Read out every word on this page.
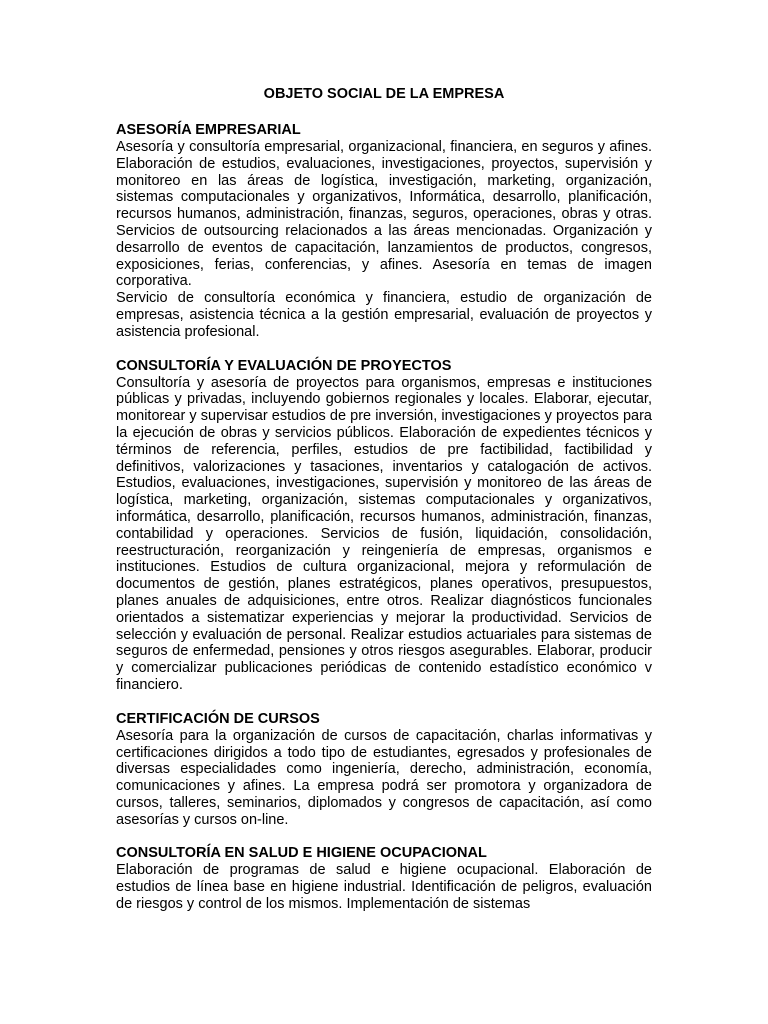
OBJETO SOCIAL DE LA EMPRESA
ASESORÍA EMPRESARIAL

Asesoría y consultoría empresarial, organizacional, financiera, en seguros y afines. Elaboración de estudios, evaluaciones, investigaciones, proyectos, supervisión y monitoreo en las áreas de logística, investigación, marketing, organización, sistemas computacionales y organizativos, Informática, desarrollo, planificación, recursos humanos, administración, finanzas, seguros, operaciones, obras y otras. Servicios de outsourcing relacionados a las áreas mencionadas. Organización y desarrollo de eventos de capacitación, lanzamientos de productos, congresos, exposiciones, ferias, conferencias, y afines. Asesoría en temas de imagen corporativa.

Servicio de consultoría económica y financiera, estudio de organización de empresas, asistencia técnica a la gestión empresarial, evaluación de proyectos y asistencia profesional.

CONSULTORÍA Y EVALUACIÓN DE PROYECTOS

Consultoría y asesoría de proyectos para organismos, empresas e instituciones públicas y privadas, incluyendo gobiernos regionales y locales. Elaborar, ejecutar, monitorear y supervisar estudios de pre inversión, investigaciones y proyectos para la ejecución de obras y servicios públicos. Elaboración de expedientes técnicos y términos de referencia, perfiles, estudios de pre factibilidad, factibilidad y definitivos, valorizaciones y tasaciones, inventarios y catalogación de activos. Estudios, evaluaciones, investigaciones, supervisión y monitoreo de las áreas de logística, marketing, organización, sistemas computacionales y organizativos, informática, desarrollo, planificación, recursos humanos, administración, finanzas, contabilidad y operaciones. Servicios de fusión, liquidación, consolidación, reestructuración, reorganización y reingeniería de empresas, organismos e instituciones. Estudios de cultura organizacional, mejora y reformulación de documentos de gestión, planes estratégicos, planes operativos, presupuestos, planes anuales de adquisiciones, entre otros. Realizar diagnósticos funcionales orientados a sistematizar experiencias y mejorar la productividad. Servicios de selección y evaluación de personal. Realizar estudios actuariales para sistemas de seguros de enfermedad, pensiones y otros riesgos asegurables. Elaborar, producir y comercializar publicaciones periódicas de contenido estadístico económico v financiero.

CERTIFICACIÓN DE CURSOS

Asesoría para la organización de cursos de capacitación, charlas informativas y certificaciones dirigidos a todo tipo de estudiantes, egresados y profesionales de diversas especialidades como ingeniería, derecho, administración, economía, comunicaciones y afines. La empresa podrá ser promotora y organizadora de cursos, talleres, seminarios, diplomados y congresos de capacitación, así como asesorías y cursos on-line.

CONSULTORÍA EN SALUD E HIGIENE OCUPACIONAL

Elaboración de programas de salud e higiene ocupacional. Elaboración de estudios de línea base en higiene industrial. Identificación de peligros, evaluación de riesgos y control de los mismos. Implementación de sistemas
